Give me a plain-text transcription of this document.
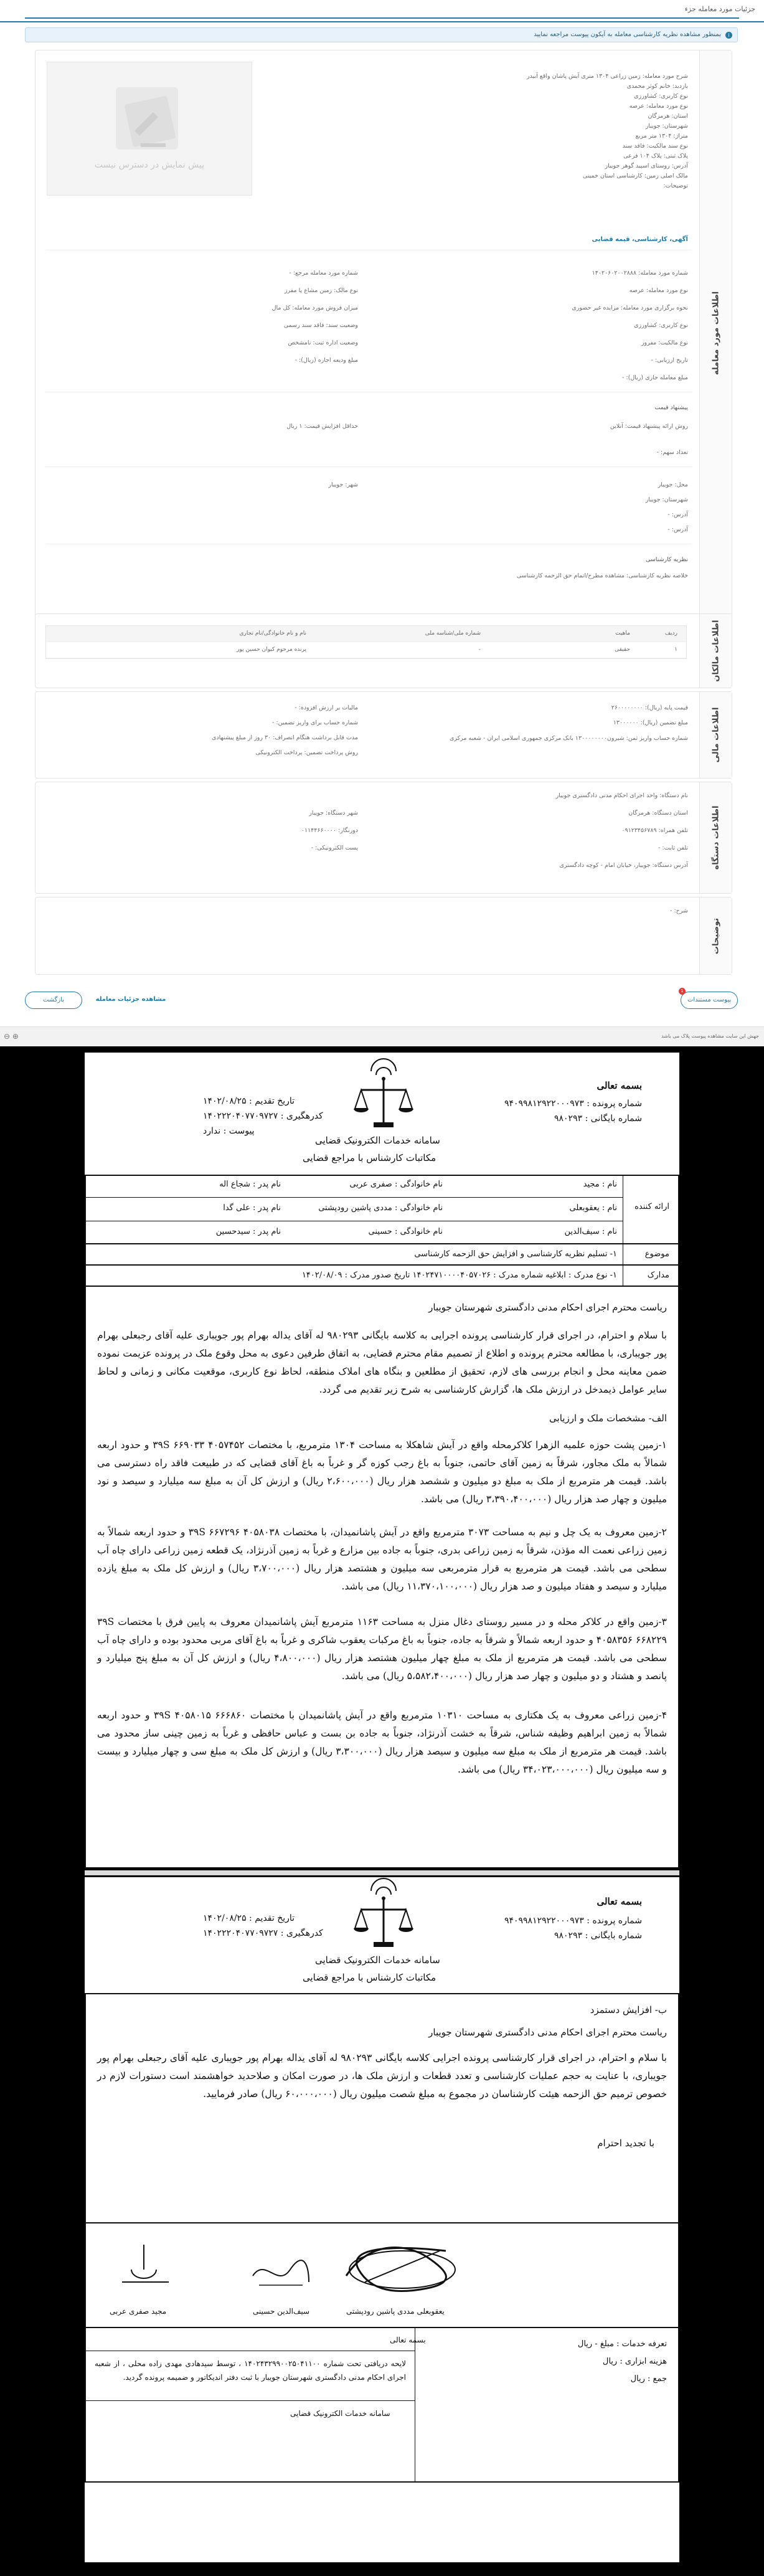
جزئیات مورد معامله جزء
i
بمنظور مشاهده نظریه کارشناسی معامله به آیکون پیوست مراجعه نمایید
اطلاعات مورد معامله
پیش نمایش در دسترس نیست
شرح مورد معامله: زمین زراعی ۱۳۰۴ متری آیش پاشان واقع آبیدر
بازدید: خانم کوثر محمدی
نوع کاربری: کشاورزی
نوع مورد معامله: عرصه
استان: هرمزگان
شهرستان: جویبار
متراژ: ۱۳۰۴ متر مربع
نوع سند مالکیت: فاقد سند
پلاک ثبتی: پلاک ۱۰۴ فرعی
آدرس: روستای اسپید گوهر جویبار
مالک اصلی زمین: کارشناسی استان خمینی
توضیحات:
آگهی، کارشناسی، قیمه قضایی
شماره مورد معامله: ۱۴۰۲۰۶۰۲۰۰۲۸۸۸
شماره مورد معامله مرجع: -
نوع مورد معامله: عرصه
نوع مالک: زمین مشاع یا مفرز
نحوه برگزاری مورد معامله: مزایده غیر حضوری
میزان فروش مورد معامله: کل مال
نوع کاربری: کشاورزی
وضعیت سند: فاقد سند رسمی
نوع مالکیت: مفروز
وضعیت اداره ثبت: نامشخص
تاریخ ارزیابی: -
مبلغ ودیعه اجاره (ریال): -
مبلغ معامله جاری (ریال): -
پیشنهاد قیمت
روش ارائه پیشنهاد قیمت: آنلاین
حداقل افزایش قیمت: ۱ ریال
تعداد سهم: -
محل: جویبار
شهر: جویبار
شهرستان: جویبار
آدرس: -
آدرس: -
نظریه کارشناسی
خلاصه نظریه کارشناسی: مشاهده مطرح/اتمام حق الزحمه کارشناسی
اطلاعات مالکان
ردیف
ماهیت
شماره ملی/شناسه ملی
نام و نام خانوادگی/نام تجاری
۱
حقیقی
-
پرنده مرحوم کیوان حسین پور
اطلاعات مالی
قیمت پایه (ریال): ۲۶۰۰۰۰۰۰۰۰
مالیات بر ارزش افزوده: -
مبلغ تضمین (ریال): ۱۳۰۰۰۰۰۰
شماره حساب برای واریز تضمین: -
شماره حساب واریز ثمن: شیرون۱۳۰۰۰۰۰۰۰۰ بانک مرکزی جمهوری اسلامی ایران - شعبه مرکزی
مدت قابل برداشت هنگام انصراف: ۳۰ روز از مبلغ پیشنهادی
روش پرداخت تضمین: پرداخت الکترونیکی
اطلاعات دستگاه
نام دستگاه: واحد اجرای احکام مدنی دادگستری جویبار
استان دستگاه: هرمزگان
شهر دستگاه: جویبار
تلفن همراه: ۰۹۱۲۳۴۵۶۷۸۹
دورنگار: ۰۱۱۴۴۶۶۰۰۰۰
تلفن ثابت: -
پست الکترونیکی: -
آدرس دستگاه: جویبار، خیابان امام - کوچه دادگستری
توضیحات
شرح: -
پیوست مستندات
1
مشاهده جزئیات معامله
بازگشت
جهش این سایت مشاهده پیوست پلاک می باشد
⊖ ⊕
بسمه تعالی
شماره پرونده : ۹۴۰۹۹۸۱۲۹۲۲۰۰۰۹۷۳
شماره بایگانی : ۹۸۰۲۹۳
تاریخ تقدیم : ۱۴۰۲/۰۸/۲۵
کدرهگیری : ۱۴۰۲۲۲۰۴۰۷۷۰۹۷۲۷
پیوست : ندارد
سامانه خدمات الکترونیک قضایی
مکاتبات کارشناس با مراجع قضایی
ارائه کننده
نام : مجید
نام خانوادگی : صفری عربی
نام پدر : شجاع اله
نام : یعقوبعلی
نام خانوادگی : مددی پاشین رودپشتی
نام پدر : علی گدا
نام : سیف‌الدین
نام خانوادگی : حسینی
نام پدر : سید‌حسین
موضوع
۱- تسلیم نظریه کارشناسی و افزایش حق الزحمه کارشناسی
مدارک
۱- نوع مدرک : ابلاغیه شماره مدرک : ۱۴۰۲۴۷۱۰۰۰۰۴۰۵۷۰۲۶ تاریخ صدور مدرک : ۱۴۰۲/۰۸/۰۹
ریاست محترم اجرای احکام مدنی دادگستری شهرستان جویبار
با سلام و احترام، در اجرای قرار کارشناسی پرونده اجرایی به کلاسه بایگانی ۹۸۰۲۹۳ له آقای یداله بهرام پور جویباری علیه آقای رجبعلی بهرام پور جویباری، با مطالعه محترم پرونده و اطلاع از تصمیم مقام محترم قضایی، به اتفاق طرفین دعوی به محل وقوع ملک در پرونده عزیمت نموده ضمن معاینه محل و انجام بررسی های لازم، تحقیق از مطلعین و بنگاه های املاک منطقه، لحاظ نوع کاربری، موقعیت مکانی و زمانی و لحاظ سایر عوامل ذیمدخل در ارزش ملک ها، گزارش کارشناسی به شرح زیر تقدیم می گردد.
الف- مشخصات ملک و ارزیابی
۱-زمین پشت حوزه علمیه الزهرا کلاکرمحله واقع در آیش شاهکلا به مساحت ۱۳۰۴ مترمربع، با مختصات ۳۹S ۶۶۹۰۳۳ ۴۰۵۷۴۵۲ و حدود اربعه شمالاً به ملک مجاور، شرقاً به زمین آقای حاتمی، جنوباً به باغ رجب کوزه گر و غرباً به باغ آقای قضایی که در طبیعت فاقد راه دسترسی می باشد. قیمت هر مترمربع از ملک به مبلغ دو میلیون و ششصد هزار ریال (۲،۶۰۰،۰۰۰ ریال) و ارزش کل آن به مبلغ سه میلیارد و سیصد و نود میلیون و چهار صد هزار ریال (۳،۳۹۰،۴۰۰،۰۰۰ ریال) می باشد.
۲-زمین معروف به یک چل و نیم به مساحت ۳۰۷۳ مترمربع واقع در آیش پاشانمیدان، با مختصات ۳۹S ۶۶۷۲۹۶ ۴۰۵۸۰۳۸ و حدود اربعه شمالاً به زمین زراعی نعمت اله مؤذن، شرقاً به زمین زراعی بدری، جنوباً به جاده بین مزارع و غرباً به زمین آذرنژاد، یک قطعه زمین زراعی دارای چاه آب سطحی می باشد. قیمت هر مترمربع به قرار مترمربعی سه میلیون و هشتصد هزار ریال (۳،۷۰۰،۰۰۰ ریال) و ارزش کل ملک به مبلغ یازده میلیارد و سیصد و هفتاد میلیون و صد هزار ریال (۱۱،۳۷۰،۱۰۰،۰۰۰ ریال) می باشد.
۳-زمین واقع در کلاکر محله و در مسیر روستای دغال منزل به مساحت ۱۱۶۳ مترمربع آیش پاشانمیدان معروف به پایین فرق با مختصات ۳۹S ۴۰۵۸۳۵۶ ۶۶۸۲۲۹ و حدود اربعه شمالاً و شرقاً به جاده، جنوباً به باغ مرکبات یعقوب شاکری و غرباً به باغ آقای مربی محدود بوده و دارای چاه آب سطحی می باشد. قیمت هر مترمربع از ملک به مبلغ چهار میلیون هشتصد هزار ریال (۴،۸۰۰،۰۰۰ ریال) و ارزش کل آن به مبلغ پنج میلیارد و پانصد و هشتاد و دو میلیون و چهار صد هزار ریال (۵،۵۸۲،۴۰۰،۰۰۰ ریال) می باشد.
۴-زمین زراعی معروف به یک هکتاری به مساحت ۱۰۳۱۰ مترمربع واقع در آیش پاشانمیدان با مختصات ۳۹S ۴۰۵۸۰۱۵ ۶۶۶۸۶۰ و حدود اربعه شمالاً به زمین ابراهیم وظیفه شناس، شرقاً به خشت آذرنژاد، جنوباً به جاده بن بست و عباس حافظی و غرباً به زمین چینی ساز محدود می باشد. قیمت هر مترمربع از ملک به مبلغ سه میلیون و سیصد هزار ریال (۳،۳۰۰،۰۰۰ ریال) و ارزش کل ملک به مبلغ سی و چهار میلیارد و بیست و سه میلیون ریال (۳۴،۰۲۳،۰۰۰،۰۰۰ ریال) می باشد.
بسمه تعالی
شماره پرونده : ۹۴۰۹۹۸۱۲۹۲۲۰۰۰۹۷۳
شماره بایگانی : ۹۸۰۲۹۳
تاریخ تقدیم : ۱۴۰۲/۰۸/۲۵
کدرهگیری : ۱۴۰۲۲۲۰۴۰۷۷۰۹۷۲۷
سامانه خدمات الکترونیک قضایی
مکاتبات کارشناس با مراجع قضایی
ب- افزایش دستمزد
ریاست محترم اجرای احکام مدنی دادگستری شهرستان جویبار
با سلام و احترام، در اجرای قرار کارشناسی پرونده اجرایی کلاسه بایگانی ۹۸۰۲۹۳ له آقای یداله بهرام پور جویباری علیه آقای رجبعلی بهرام پور جویباری، با عنایت به حجم عملیات کارشناسی و تعدد قطعات و ارزش ملک ها، در صورت امکان و صلاحدید خواهشمند است دستورات لازم در خصوص ترمیم حق الزحمه هیئت کارشناسان در مجموع به مبلغ شصت میلیون ریال (۶۰،۰۰۰،۰۰۰ ریال) صادر فرمایید.
با تجدید احترام
یعقوبعلی مددی پاشین رودپشتی
سیف‌الدین حسینی
مجید صفری عربی
تعرفه خدمات : مبلغ - ریال
هزینه ابزاری : ریال
جمع : ریال
بسمه تعالی
لایحه دریافتی تحت شماره ۱۴۰۲۴۳۲۹۹۰۰۲۵۰۴۱۱۰۰ ، توسط سیدهادی مهدی زاده محلی ، از شعبه اجرای احکام مدنی دادگستری شهرستان جویبار با ثبت دفتر اندیکاتور و ضمیمه پرونده گردید.
سامانه خدمات الکترونیک قضایی
